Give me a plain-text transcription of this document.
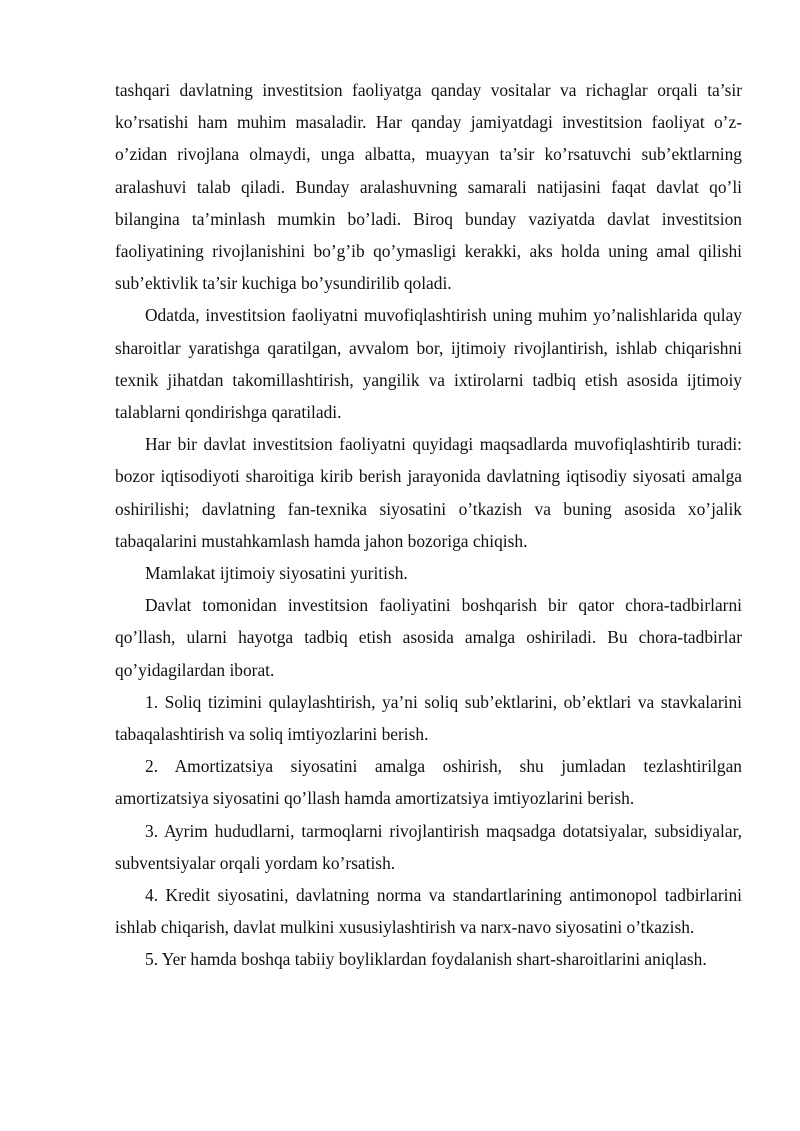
tashqari davlatning investitsion faoliyatga qanday vositalar va richaglar orqali ta’sir ko’rsatishi ham muhim masaladir. Har qanday jamiyatdagi investitsion faoliyat o’z-o’zidan rivojlana olmaydi, unga albatta, muayyan ta’sir ko’rsatuvchi sub’ektlarning aralashuvi talab qiladi. Bunday aralashuvning samarali natijasini faqat davlat qo’li bilangina ta’minlash mumkin bo’ladi. Biroq bunday vaziyatda davlat investitsion faoliyatining rivojlanishini bo’g’ib qo’ymasligi kerakki, aks holda uning amal qilishi sub’ektivlik ta’sir kuchiga bo’ysundirilib qoladi.

Odatda, investitsion faoliyatni muvofiqlashtirish uning muhim yo’nalishlarida qulay sharoitlar yaratishga qaratilgan, avvalom bor, ijtimoiy rivojlantirish, ishlab chiqarishni texnik jihatdan takomillashtirish, yangilik va ixtirolarni tadbiq etish asosida ijtimoiy talablarni qondirishga qaratiladi.

Har bir davlat investitsion faoliyatni quyidagi maqsadlarda muvofiqlashtirib turadi: bozor iqtisodiyoti sharoitiga kirib berish jarayonida davlatning iqtisodiy siyosati amalga oshirilishi; davlatning fan-texnika siyosatini o’tkazish va buning asosida xo’jalik tabaqalarini mustahkamlash hamda jahon bozoriga chiqish.

Mamlakat ijtimoiy siyosatini yuritish.

Davlat tomonidan investitsion faoliyatini boshqarish bir qator chora-tadbirlarni qo’llash, ularni hayotga tadbiq etish asosida amalga oshiriladi. Bu chora-tadbirlar qo’yidagilardan iborat.

1. Soliq tizimini qulaylashtirish, ya’ni soliq sub’ektlarini, ob’ektlari va stavkalarini tabaqalashtirish va soliq imtiyozlarini berish.

2. Amortizatsiya siyosatini amalga oshirish, shu jumladan tezlashtirilgan amortizatsiya siyosatini qo’llash hamda amortizatsiya imtiyozlarini berish.

3. Ayrim hududlarni, tarmoqlarni rivojlantirish maqsadga dotatsiyalar, subsidiyalar, subventsiyalar orqali yordam ko’rsatish.

4. Kredit siyosatini, davlatning norma va standartlarining antimonopol tadbirlarini ishlab chiqarish, davlat mulkini xususiylashtirish va narx-navo siyosatini o’tkazish.

5. Yer hamda boshqa tabiiy boyliklardan foydalanish shart-sharoitlarini aniqlash.
